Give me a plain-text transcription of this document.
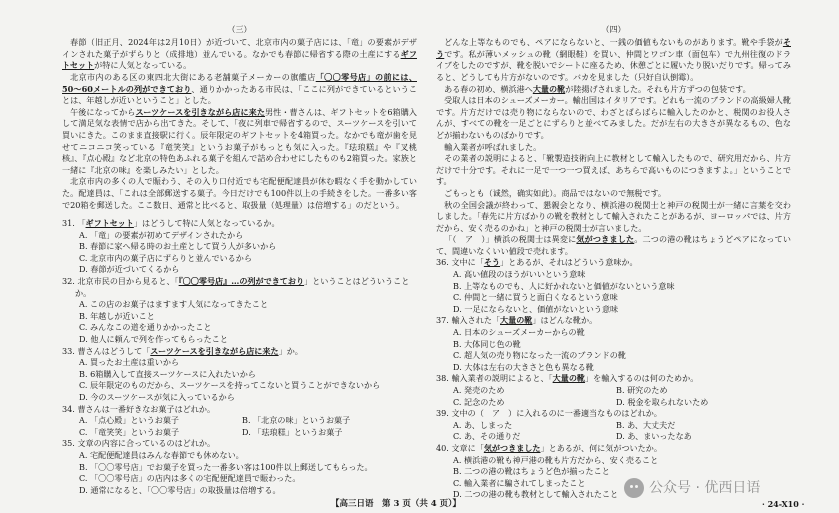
（三）

春節（旧正月、2024年は2月10日）が近づいて、北京市内の菓子店には、「竜」の要素がデザインされた菓子がずらりと（成排地）並んでいる。なかでも春節に帰省する際の土産にするギフトセットが特に人気となっている。

北京市内のある区の東四北大街にある老舗菓子メーカーの旗艦店「〇〇零号店」の前には、50〜60メートルの列ができており、通りかかったある市民は、「ここに列ができているということは、年越しが近いということ」とした。

午後になってからスーツケースを引きながら店に来た男性・曹さんは、ギフトセットを6箱購入して満足気な表情で店から出てきた。そして、「夜に列車で帰省するので、スーツケースを引いて買いにきた。このまま直接駅に行く。辰年限定のギフトセットを4箱買った。なかでも竜が歯を見せてニコニコ笑っている『竜笑笑』というお菓子がもっとも気に入った。『珐琅糕』や『叉桃核』、『点心殿』など北京の特色あふれる菓子を組んで詰め合わせにしたものも2箱買った。家族と一緒に『北京の味』を楽しみたい」とした。

北京市内の多くの人で賑わう、その入り口付近でも宅配便配達員が休む暇なく手を動かしていた。配達員は、「これは全部郵送する菓子。今日だけでも100件以上の手続きをした。一番多い客で20箱を郵送した。ここ数日、通常と比べると、取扱量（処理量）は倍増する」のだという。

31. 「ギフトセット」はどうして特に人気となっているか。
A. 「竜」の要素が初めてデザインされたから
B. 春節に家へ帰る時のお土産として買う人が多いから
C. 北京市内の菓子店にずらりと並んでいるから
D. 春節が近づいてくるから
32. 北京市民の目から見ると、「『〇〇零号店』…の列ができており」ということはどういうことか。
A. この店のお菓子はますます人気になってきたこと
B. 年越しが近いこと
C. みんなこの道を通りかかったこと
D. 他人に頼んで列を作ってもらったこと
33. 曹さんはどうして「スーツケースを引きながら店に来た」か。
A. 買ったお土産は重いから
B. 6箱購入して直接スーツケースに入れたいから
C. 辰年限定のものだから、スーツケースを持ってこないと買うことができないから
D. 今のスーツケースが気に入っているから
34. 曹さんは一番好きなお菓子はどれか。
A. 「点心殿」というお菓子	B. 「北京の味」というお菓子
C. 「竜笑笑」というお菓子	D. 「珐琅糕」というお菓子
35. 文章の内容に合っているのはどれか。
A. 宅配便配達員はみんな春節でも休めない。
B. 「〇〇零号店」でお菓子を買った一番多い客は100件以上郵送してもらった。
C. 「〇〇零号店」の店内は多くの宅配便配達員で賑わった。
D. 通常になると、「〇〇零号店」の取扱量は倍増する。
（四）

どんな上等なものでも、ペアにならないと、一銭の価値もないものがあります。靴や手袋がそうです。私が薄いメッシュの靴（網眼鞋）を買い、仲間とワゴン車（面包车）で九州往復のドライブをしたのですが、靴を脱いでシートに座るため、休憩ごとに履いたり脱いだりです。帰ってみると、どうしても片方がないのです。バカを見ました（只好自认倒霉）。

ある春の初め、横浜港へ大量の靴が陸揚げされました。それも片方ずつの包装です。

受取人は日本のシューズメーカー。輸出国はイタリアです。どれも一流のブランドの高級婦人靴です。片方だけでは売り物にならないので、わざとばらばらに輸入したのかと、税関のお役人さんが、すべての靴を一足ごとにずらりと並べてみました。だが左右の大きさが異なるもの、色などが揃わないものばかりです。

輸入業者が呼ばれました。

その業者の説明によると、「靴製造技術向上に教材として輸入したもので、研究用だから、片方だけで十分です。それに一足で一つ一つ買えば、あちらで高いものにつきますよ。」ということです。

ごもっとも（诚然，确实如此）。商品ではないので無税です。

秋の全国会議が終わって、懇親会となり、横浜港の税関士と神戸の税関士が一緒に言葉を交わしました。「春先に片方ばかりの靴を教材として輸入されたことがあるが、ヨーロッパでは、片方だから、安く売るのかね」と神戸の税関士が言いました。

「（　ア　）」横浜の税関士は異変に気がつきました。二つの港の靴はちょうどペアになっていて、間違いなくいい値段で売れます。

36. 文中に「そう」とあるが、それはどういう意味か。
A. 高い値段のほうがいいという意味
B. 上等なものでも、人に好かれないと価値がないという意味
C. 仲間と一緒に買うと面白くなるという意味
D. 一足にならないと、価値がないという意味
37. 輸入された「大量の靴」はどんな靴か。
A. 日本のシューズメーカーからの靴
B. 大体同じ色の靴
C. 超人気の売り物になった一流のブランドの靴
D. 大体は左右の大きさと色も異なる靴
38. 輸入業者の説明によると、「大量の靴」を輸入するのは何のためか。
A. 発売のため	B. 研究のため
C. 記念のため	D. 税金を取られないため
39. 文中の（　ア　）に入れるのに一番適当なものはどれか。
A. あ、しまった	B. あ、大丈夫だ
C. あ、その通りだ	D. あ、まいったなあ
40. 文章に「気がつきました」とあるが、何に気がついたか。
A. 横浜港の靴も神戸港の靴も片方だから、安く売ること
B. 二つの港の靴はちょうど色が揃ったこと
C. 輸入業者に騙されてしまったこと
D. 二つの港の靴も教材として輸入されたこと
【高三日语　第 3 页（共 4 页）】	· 24-X10 ·
公众号 · 优西日语
